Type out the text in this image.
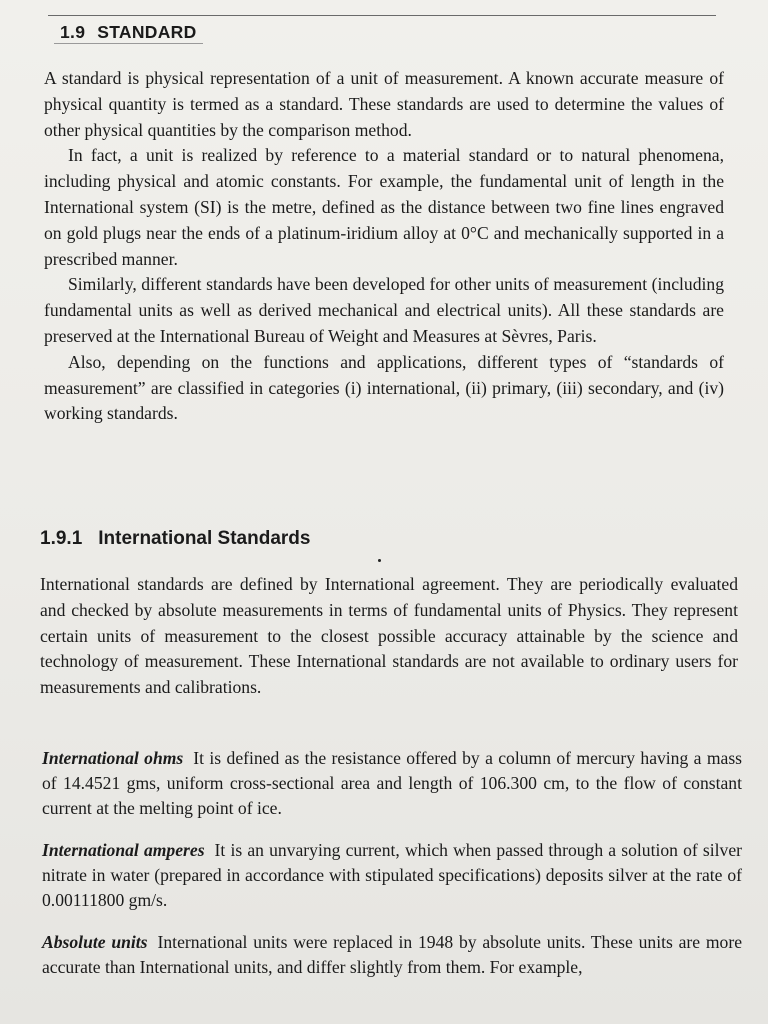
1.9 STANDARD

A standard is physical representation of a unit of measurement. A known accurate measure of physical quantity is termed as a standard. These standards are used to determine the values of other physical quantities by the comparison method.

In fact, a unit is realized by reference to a material standard or to natural phenomena, including physical and atomic constants. For example, the fundamental unit of length in the International system (SI) is the metre, defined as the distance between two fine lines engraved on gold plugs near the ends of a platinum-iridium alloy at 0°C and mechanically supported in a prescribed manner.

Similarly, different standards have been developed for other units of measurement (including fundamental units as well as derived mechanical and electrical units). All these standards are preserved at the International Bureau of Weight and Measures at Sèvres, Paris.

Also, depending on the functions and applications, different types of “standards of measurement” are classified in categories (i) international, (ii) primary, (iii) secondary, and (iv) working standards.

1.9.1 International Standards

International standards are defined by International agreement. They are periodically evaluated and checked by absolute measurements in terms of fundamental units of Physics. They represent certain units of measurement to the closest possible accuracy attainable by the science and technology of measurement. These International standards are not available to ordinary users for measurements and calibrations.

International ohms It is defined as the resistance offered by a column of mercury having a mass of 14.4521 gms, uniform cross-sectional area and length of 106.300 cm, to the flow of constant current at the melting point of ice.
International amperes It is an unvarying current, which when passed through a solution of silver nitrate in water (prepared in accordance with stipulated specifications) deposits silver at the rate of 0.00111800 gm/s.
Absolute units International units were replaced in 1948 by absolute units. These units are more accurate than International units, and differ slightly from them. For example,
